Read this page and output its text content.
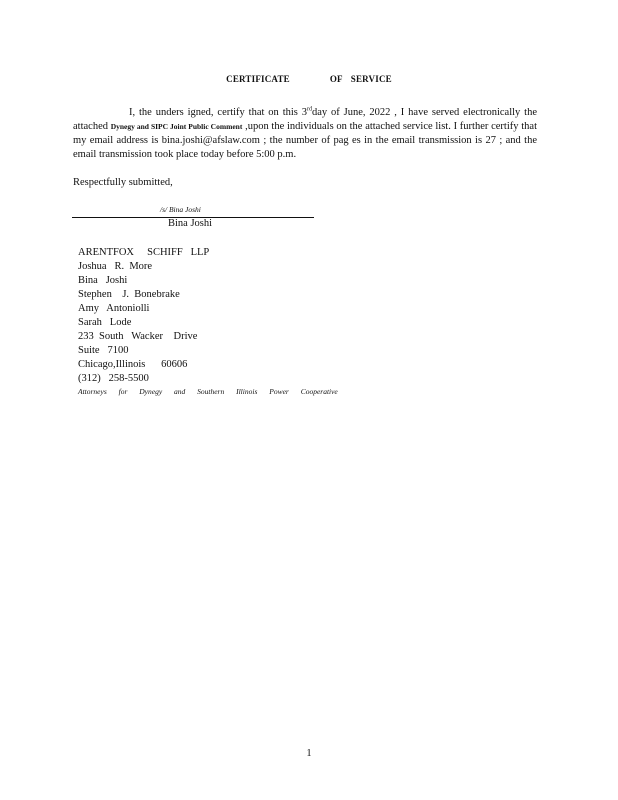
CERTIFICATE	OF SERVICE
I, the unders igned, certify that on this 3rdday of June, 2022 , I have served electronically the attached Dynegy and SIPC Joint Public Comment ,upon the individuals on the attached service list. I further certify that my email address is bina.joshi@afslaw.com ; the number of pag es in the email transmission is 27 ; and the email transmission took place today before 5:00 p.m.
Respectfully submitted,
/s/ Bina Joshi
Bina Joshi
ARENTFOX     SCHIFF   LLP
Joshua   R.  More
Bina   Joshi
Stephen    J.  Bonebrake
Amy   Antoniolli
Sarah   Lode
233  South   Wacker    Drive
Suite   7100
Chicago,Illinois      60606
(312)   258-5500
Attorneys for Dynegy and Southern Illinois Power Cooperative
1
